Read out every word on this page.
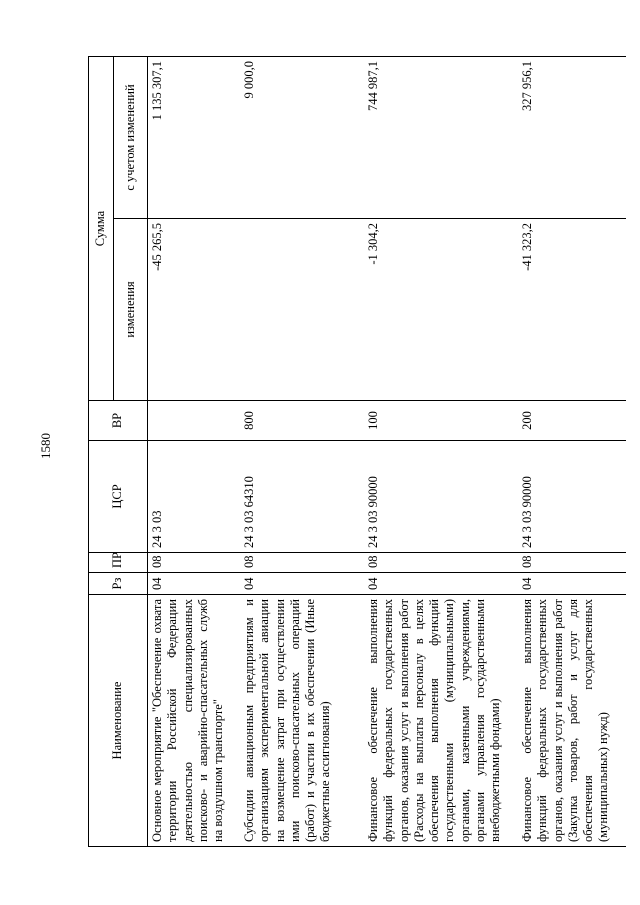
1580
Наименование	Рз	ПР	ЦСР	ВР	Сумма	
					изменения	с учетом изменений
Основное мероприятие "Обеспечение охвата территории Российской Федерации деятельностью специализированных поисково- и аварийно-спасательных служб на воздушном транспорте"	04	08	24 3 03		-45 265,5	1 135 307,1
Субсидии авиационным предприятиям и организациям экспериментальной авиации на возмещение затрат при осуществлении ими поисково-спасательных операций (работ) и участии в их обеспечении (Иные бюджетные ассигнования)	04	08	24 3 03 64310	800		9 000,0
Финансовое обеспечение выполнения функций федеральных государственных органов, оказания услуг и выполнения работ (Расходы на выплаты персоналу в целях обеспечения выполнения функций государственными (муниципальными) органами, казенными учреждениями, органами управления государственными внебюджетными фондами)	04	08	24 3 03 90000	100	-1 304,2	744 987,1
Финансовое обеспечение выполнения функций федеральных государственных органов, оказания услуг и выполнения работ (Закупка товаров, работ и услуг для обеспечения государственных (муниципальных) нужд)	04	08	24 3 03 90000	200	-41 323,2	327 956,1
